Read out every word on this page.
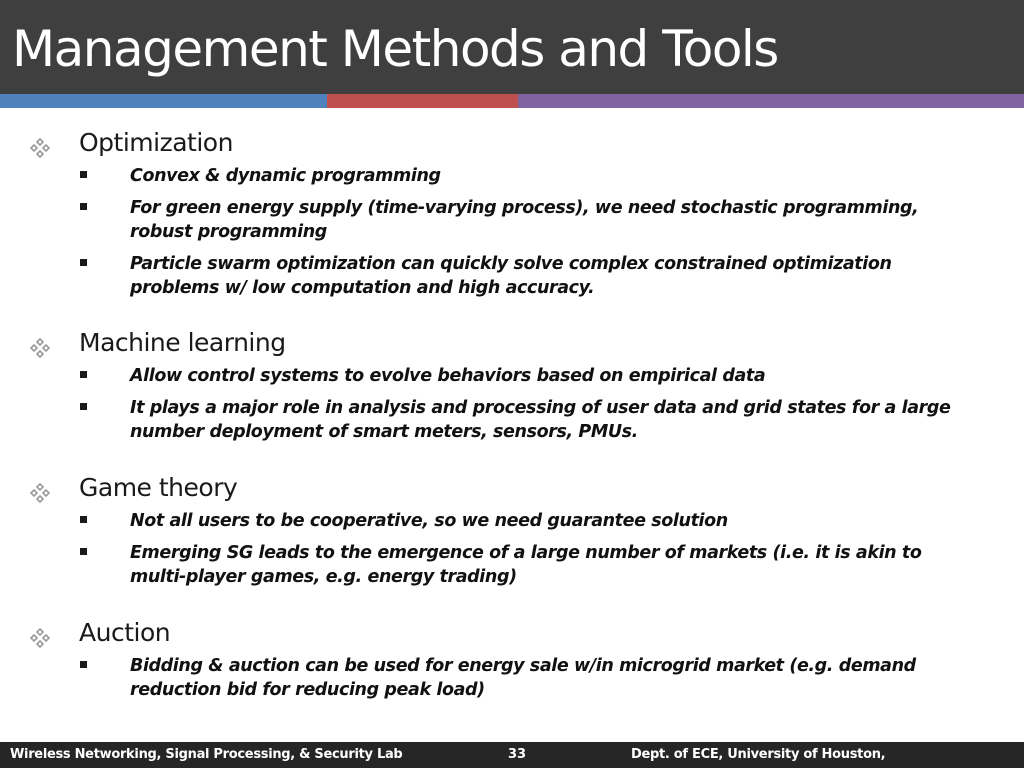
Management Methods and Tools
Optimization
Convex & dynamic programming
For green energy supply (time-varying process), we need stochastic programming, robust programming
Particle swarm optimization can quickly solve complex constrained optimization problems w/ low computation and high accuracy.
Machine learning
Allow control systems to evolve behaviors based on empirical data
It plays a major role in analysis and processing of user data and grid states for a large number deployment of smart meters, sensors, PMUs.
Game theory
Not all users to be cooperative, so we need guarantee solution
Emerging SG leads to the emergence of a large number of markets (i.e. it is akin to multi-player games, e.g. energy trading)
Auction
Bidding & auction can be used for energy sale w/in microgrid market (e.g. demand reduction bid for reducing peak load)
Wireless Networking, Signal Processing, & Security Lab	33	Dept. of ECE, University of Houston,
